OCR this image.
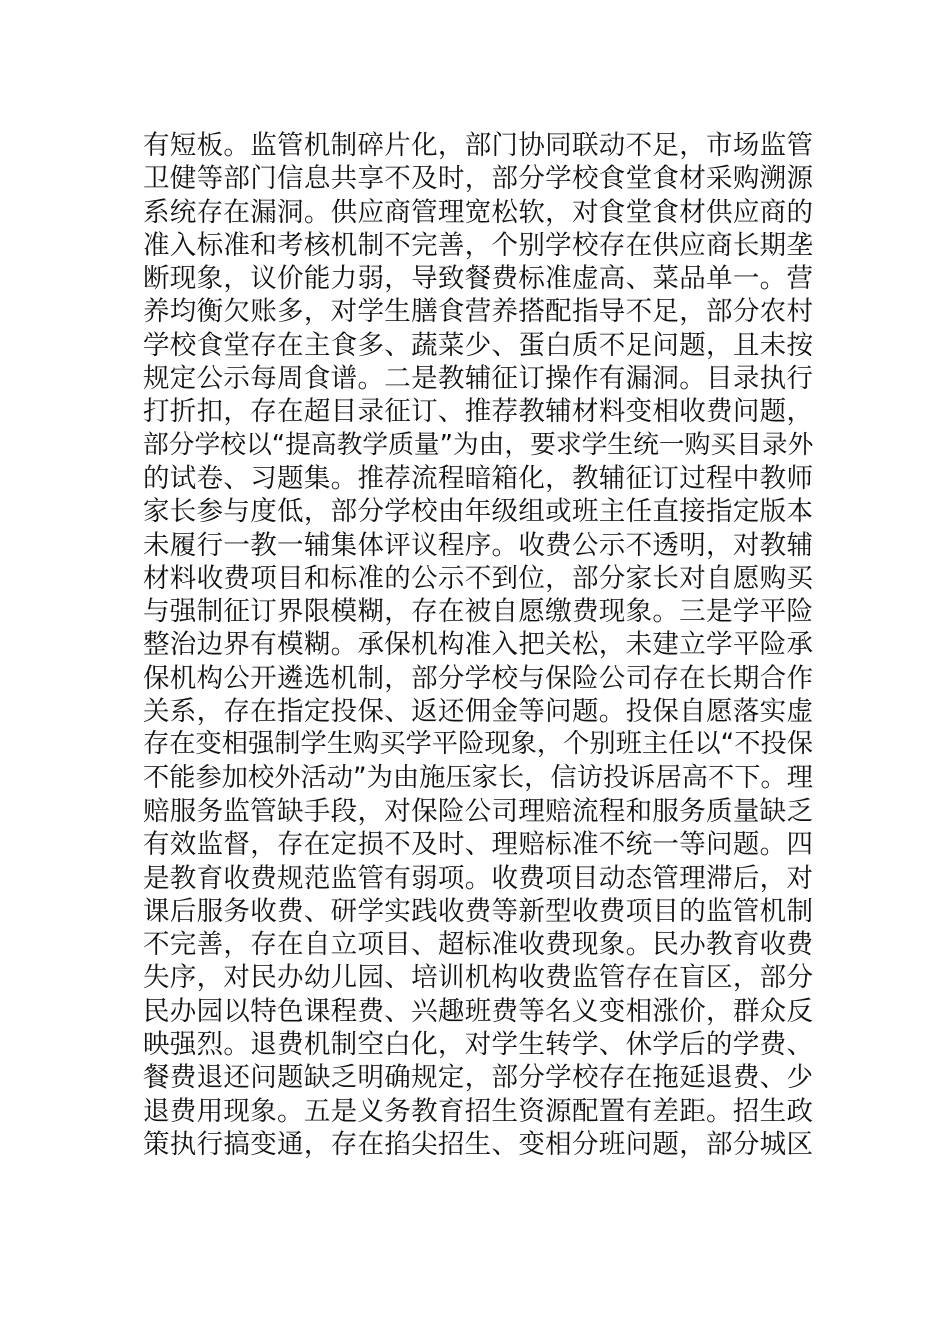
有短板。监管机制碎片化，部门协同联动不足，市场监管
卫健等部门信息共享不及时，部分学校食堂食材采购溯源
系统存在漏洞。供应商管理宽松软，对食堂食材供应商的
准入标准和考核机制不完善，个别学校存在供应商长期垄
断现象，议价能力弱，导致餐费标准虚高、菜品单一。营
养均衡欠账多，对学生膳食营养搭配指导不足，部分农村
学校食堂存在主食多、蔬菜少、蛋白质不足问题，且未按
规定公示每周食谱。二是教辅征订操作有漏洞。目录执行
打折扣，存在超目录征订、推荐教辅材料变相收费问题，
部分学校以“提高教学质量”为由，要求学生统一购买目录外
的试卷、习题集。推荐流程暗箱化，教辅征订过程中教师
家长参与度低，部分学校由年级组或班主任直接指定版本
未履行一教一辅集体评议程序。收费公示不透明，对教辅
材料收费项目和标准的公示不到位，部分家长对自愿购买
与强制征订界限模糊，存在被自愿缴费现象。三是学平险
整治边界有模糊。承保机构准入把关松，未建立学平险承
保机构公开遴选机制，部分学校与保险公司存在长期合作
关系，存在指定投保、返还佣金等问题。投保自愿落实虚
存在变相强制学生购买学平险现象，个别班主任以“不投保
不能参加校外活动”为由施压家长，信访投诉居高不下。理
赔服务监管缺手段，对保险公司理赔流程和服务质量缺乏
有效监督，存在定损不及时、理赔标准不统一等问题。四
是教育收费规范监管有弱项。收费项目动态管理滞后，对
课后服务收费、研学实践收费等新型收费项目的监管机制
不完善，存在自立项目、超标准收费现象。民办教育收费
失序，对民办幼儿园、培训机构收费监管存在盲区，部分
民办园以特色课程费、兴趣班费等名义变相涨价，群众反
映强烈。退费机制空白化，对学生转学、休学后的学费、
餐费退还问题缺乏明确规定，部分学校存在拖延退费、少
退费用现象。五是义务教育招生资源配置有差距。招生政
策执行搞变通，存在掐尖招生、变相分班问题，部分城区
